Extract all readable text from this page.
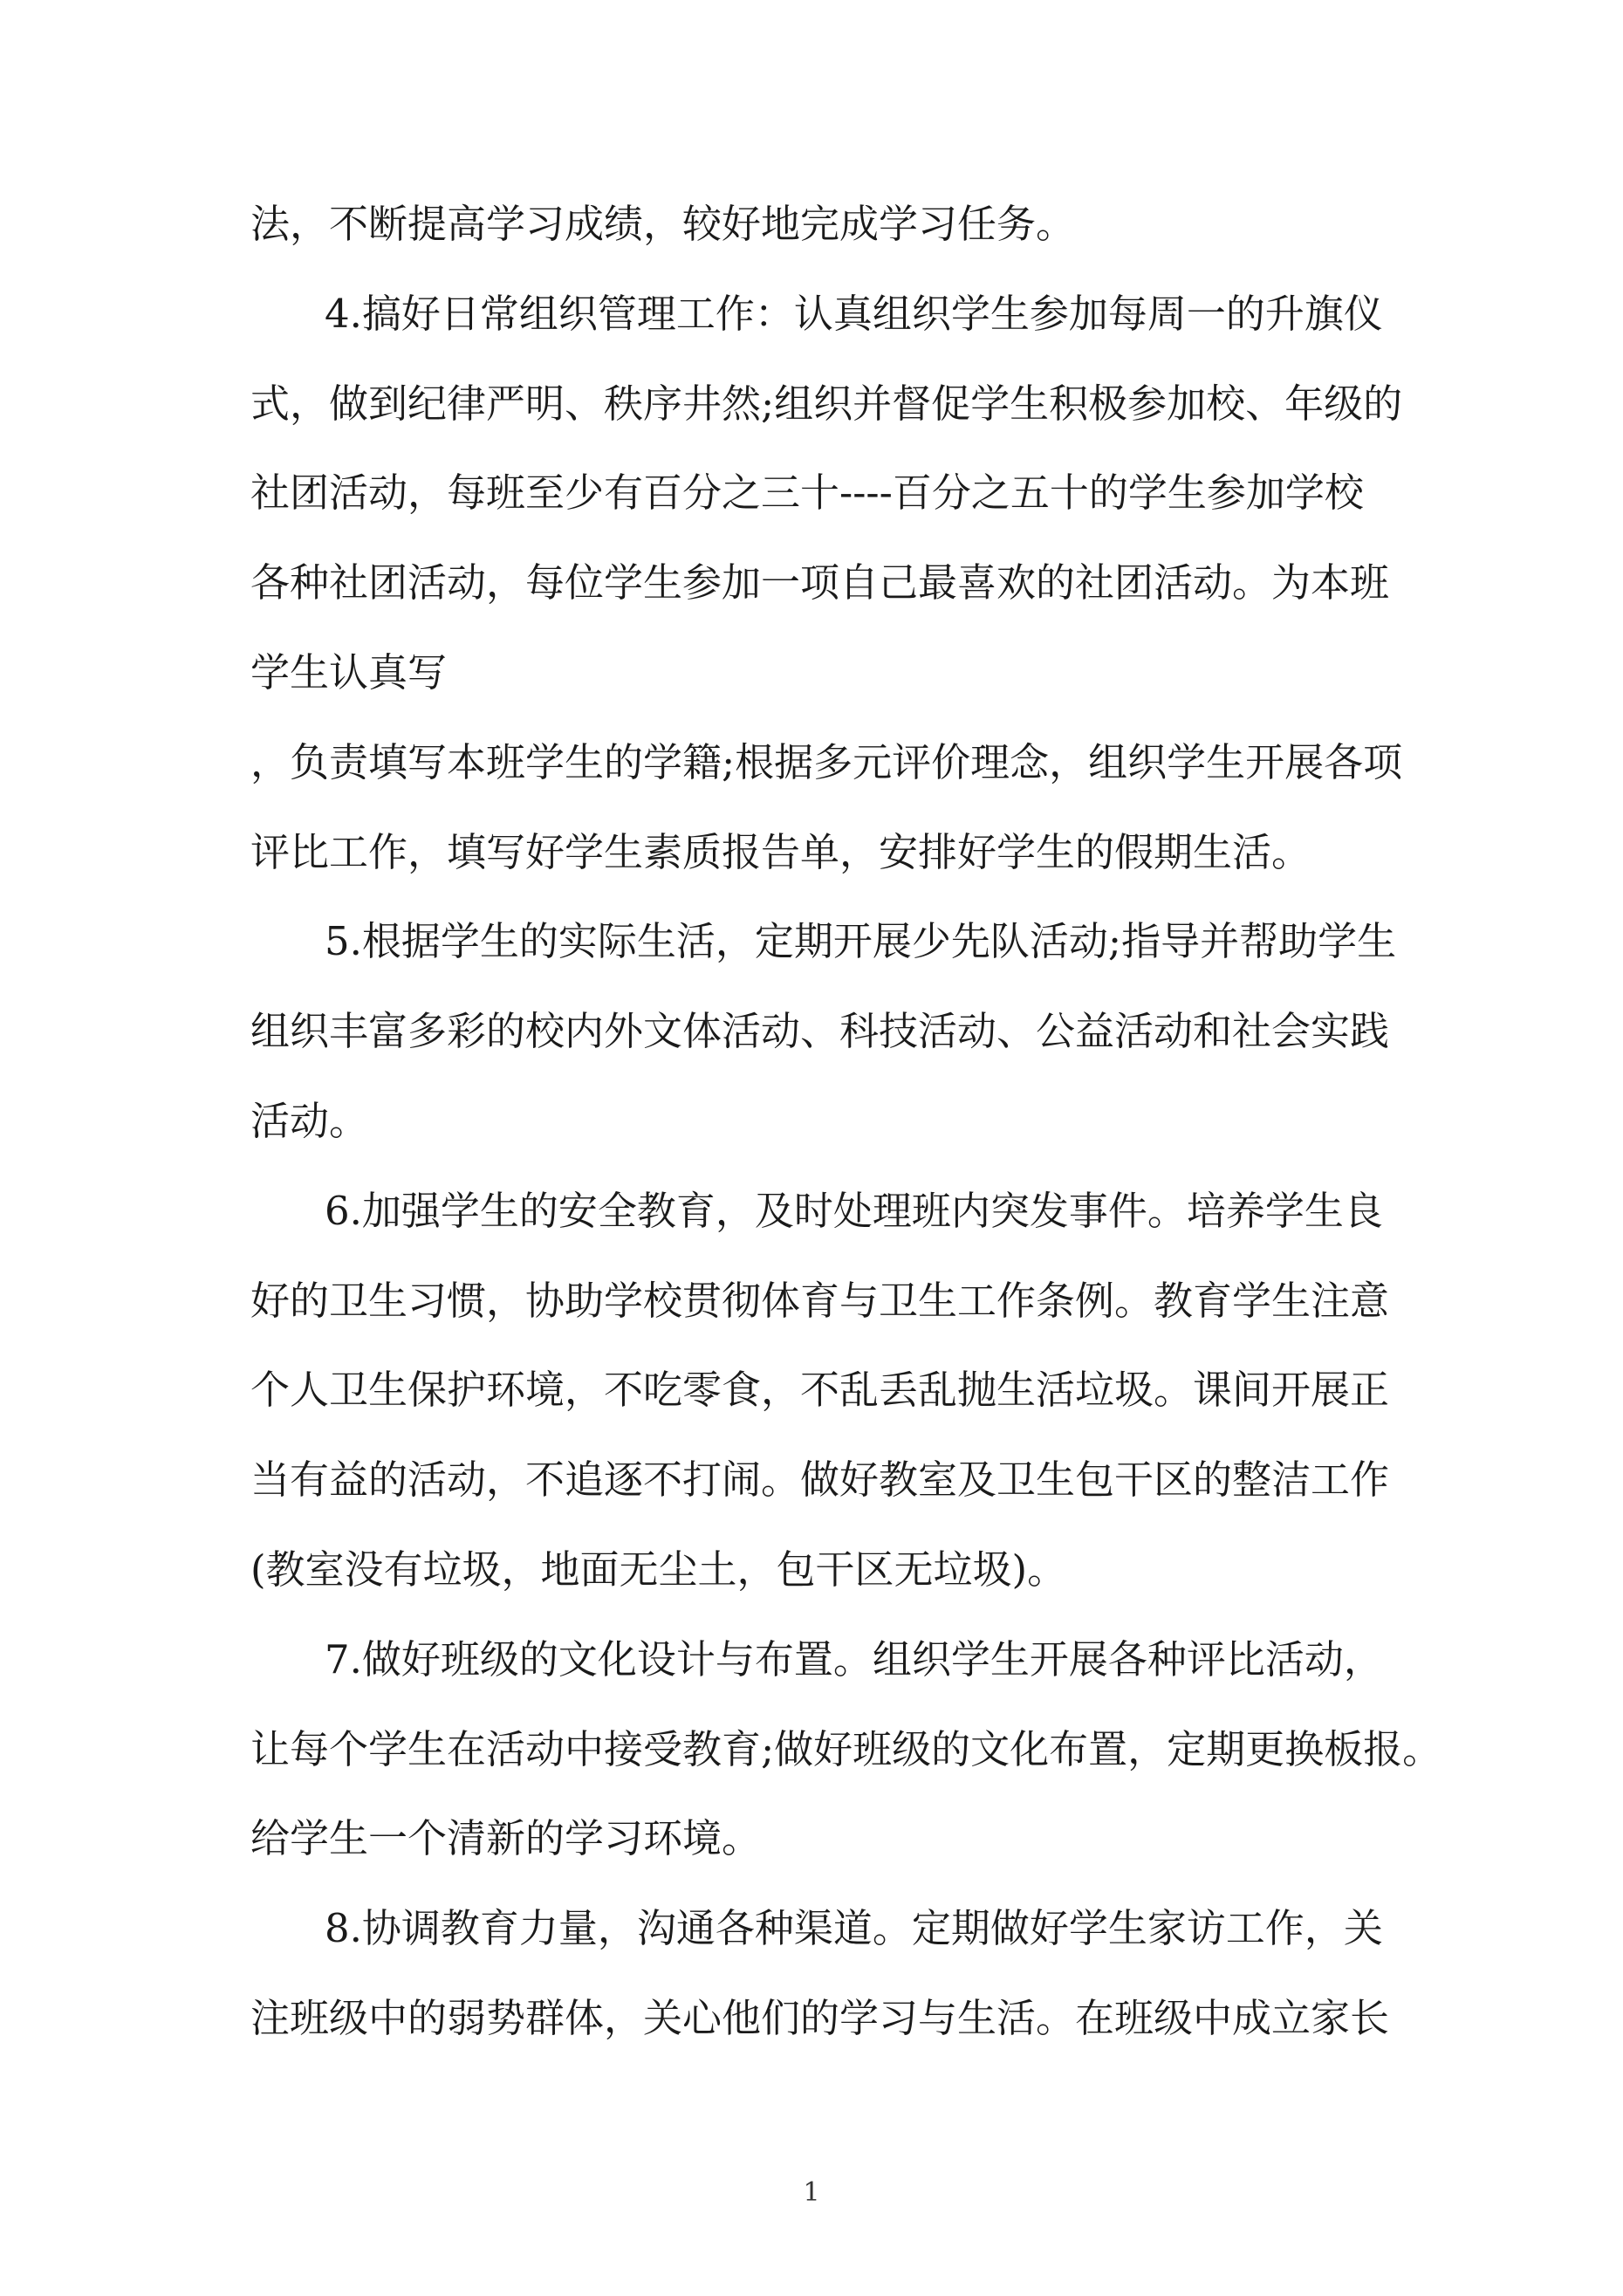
法，不断提高学习成绩，较好地完成学习任务。
4.搞好日常组织管理工作：认真组织学生参加每周一的升旗仪
式，做到纪律严明、秩序井然;组织并督促学生积极参加校、年级的
社团活动，每班至少有百分之三十----百分之五十的学生参加学校
各种社团活动，每位学生参加一项自己最喜欢的社团活动。为本班
学生认真写
，负责填写本班学生的学籍;根据多元评价理念，组织学生开展各项
评比工作，填写好学生素质报告单，安排好学生的假期生活。
5.根据学生的实际生活，定期开展少先队活动;指导并帮助学生
组织丰富多彩的校内外文体活动、科技活动、公益活动和社会实践
活动。
6.加强学生的安全教育，及时处理班内突发事件。培养学生良
好的卫生习惯，协助学校贯彻体育与卫生工作条例。教育学生注意
个人卫生保护环境，不吃零食，不乱丢乱抛生活垃圾。课间开展正
当有益的活动，不追逐不打闹。做好教室及卫生包干区的整洁工作
(教室没有垃圾，地面无尘土，包干区无垃圾)。
7.做好班级的文化设计与布置。组织学生开展各种评比活动，
让每个学生在活动中接受教育;做好班级的文化布置，定期更换板报。
给学生一个清新的学习环境。
8.协调教育力量，沟通各种渠道。定期做好学生家访工作，关
注班级中的弱势群体，关心他们的学习与生活。在班级中成立家长
1
